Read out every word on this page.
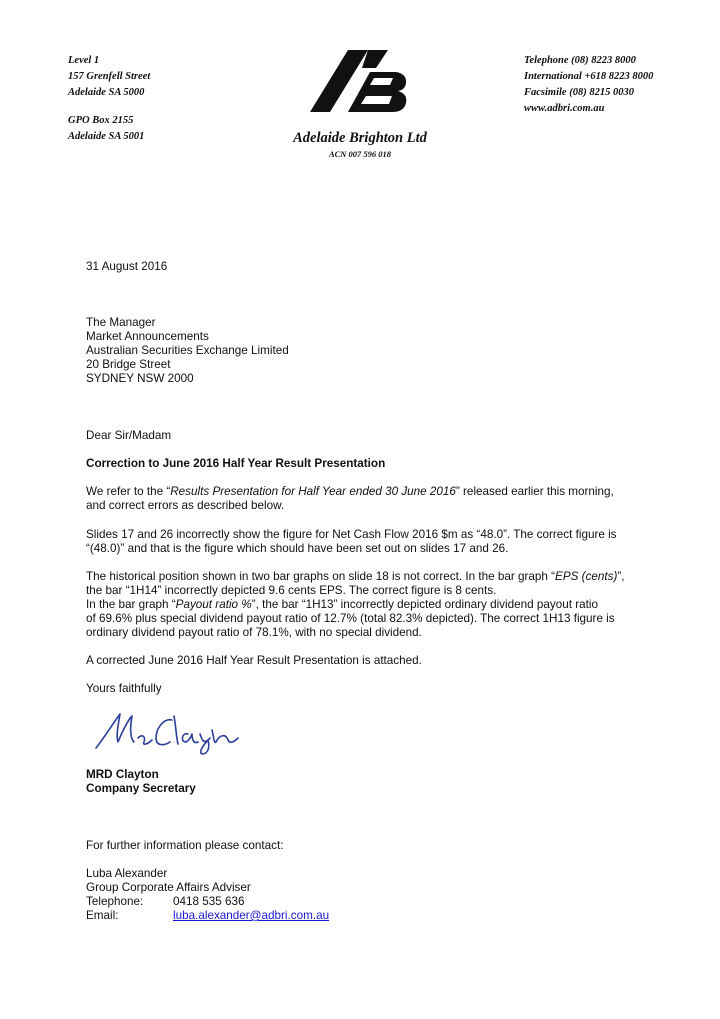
Level 1
157 Grenfell Street
Adelaide SA 5000
GPO Box 2155
Adelaide SA 5001
Telephone (08) 8223 8000
International +618 8223 8000
Facsimile (08) 8215 0030
www.adbri.com.au
Adelaide Brighton Ltd
ACN 007 596 018
31 August 2016
The Manager
Market Announcements
Australian Securities Exchange Limited
20 Bridge Street
SYDNEY NSW 2000
Dear Sir/Madam
Correction to June 2016 Half Year Result Presentation
We refer to the “Results Presentation for Half Year ended 30 June 2016” released earlier this morning,
and correct errors as described below.
Slides 17 and 26 incorrectly show the figure for Net Cash Flow 2016 $m as “48.0”. The correct figure is
“(48.0)” and that is the figure which should have been set out on slides 17 and 26.
The historical position shown in two bar graphs on slide 18 is not correct. In the bar graph “EPS (cents)”,
the bar “1H14” incorrectly depicted 9.6 cents EPS. The correct figure is 8 cents.
In the bar graph “Payout ratio %”, the bar “1H13” incorrectly depicted ordinary dividend payout ratio
of 69.6% plus special dividend payout ratio of 12.7% (total 82.3% depicted). The correct 1H13 figure is
ordinary dividend payout ratio of 78.1%, with no special dividend.
A corrected June 2016 Half Year Result Presentation is attached.
Yours faithfully
MRD Clayton
Company Secretary
For further information please contact:
Luba Alexander
Group Corporate Affairs Adviser
Telephone:	0418 535 636
Email:	luba.alexander@adbri.com.au
